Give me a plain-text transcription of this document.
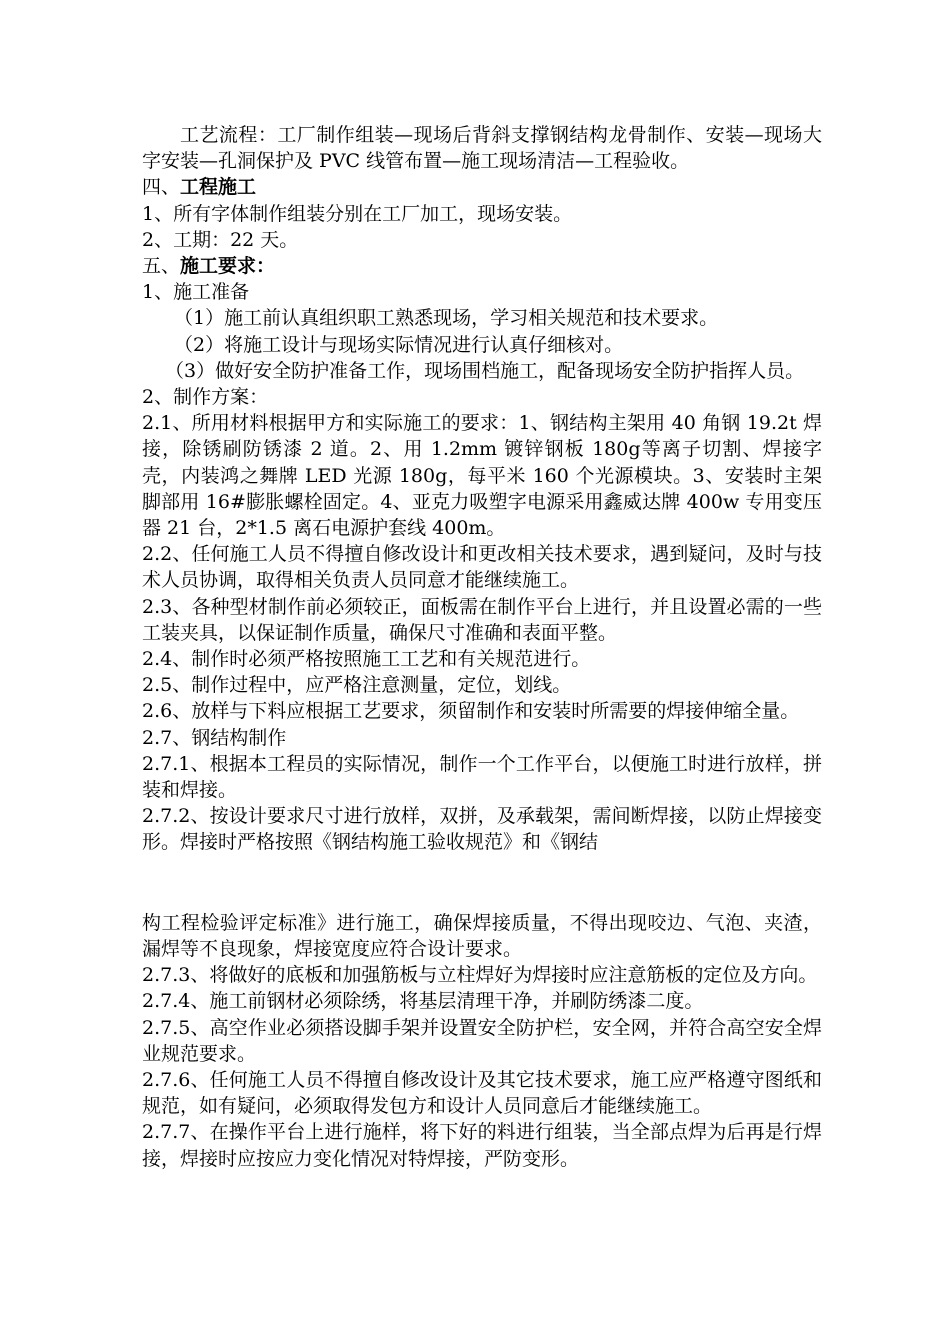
工艺流程：工厂制作组装—现场后背斜支撑钢结构龙骨制作、安装—现场大字安装—孔洞保护及 PVC 线管布置—施工现场清洁—工程验收。

四、工程施工

1、所有字体制作组装分别在工厂加工，现场安装。

2、工期：22 天。

五、施工要求：

1、施工准备

（1）施工前认真组织职工熟悉现场，学习相关规范和技术要求。

（2）将施工设计与现场实际情况进行认真仔细核对。

（3）做好安全防护准备工作，现场围档施工，配备现场安全防护指挥人员。

2、制作方案：

2.1、所用材料根据甲方和实际施工的要求：1、钢结构主架用 40 角钢 19.2t 焊接，除锈刷防锈漆 2 道。2、用 1.2mm 镀锌钢板 180ց等离子切割、焊接字壳，内装鸿之舞牌 LED 光源 180ց，每平米 160 个光源模块。3、安装时主架脚部用 16#膨胀螺栓固定。4、亚克力吸塑字电源采用鑫威达牌 400w 专用变压器 21 台，2*1.5 离石电源护套线 400m。

2.2、任何施工人员不得擅自修改设计和更改相关技术要求，遇到疑问，及时与技术人员协调，取得相关负责人员同意才能继续施工。

2.3、各种型材制作前必须较正，面板需在制作平台上进行，并且设置必需的一些工装夹具，以保证制作质量，确保尺寸准确和表面平整。

2.4、制作时必须严格按照施工工艺和有关规范进行。

2.5、制作过程中，应严格注意测量，定位，划线。

2.6、放样与下料应根据工艺要求，须留制作和安装时所需要的焊接伸缩全量。

2.7、钢结构制作

2.7.1、根据本工程员的实际情况，制作一个工作平台，以便施工时进行放样，拼装和焊接。

2.7.2、按设计要求尺寸进行放样，双拼，及承载架，需间断焊接，以防止焊接变形。焊接时严格按照《钢结构施工验收规范》和《钢结

构工程检验评定标准》进行施工，确保焊接质量，不得出现咬边、气泡、夹渣，漏焊等不良现象，焊接宽度应符合设计要求。

2.7.3、将做好的底板和加强筋板与立柱焊好为焊接时应注意筋板的定位及方向。

2.7.4、施工前钢材必须除绣，将基层清理干净，并刷防绣漆二度。

2.7.5、高空作业必须搭设脚手架并设置安全防护栏，安全网，并符合高空安全焊业规范要求。

2.7.6、任何施工人员不得擅自修改设计及其它技术要求，施工应严格遵守图纸和规范，如有疑问，必须取得发包方和设计人员同意后才能继续施工。

2.7.7、在操作平台上进行施样，将下好的料进行组装，当全部点焊为后再是行焊接，焊接时应按应力变化情况对特焊接，严防变形。
